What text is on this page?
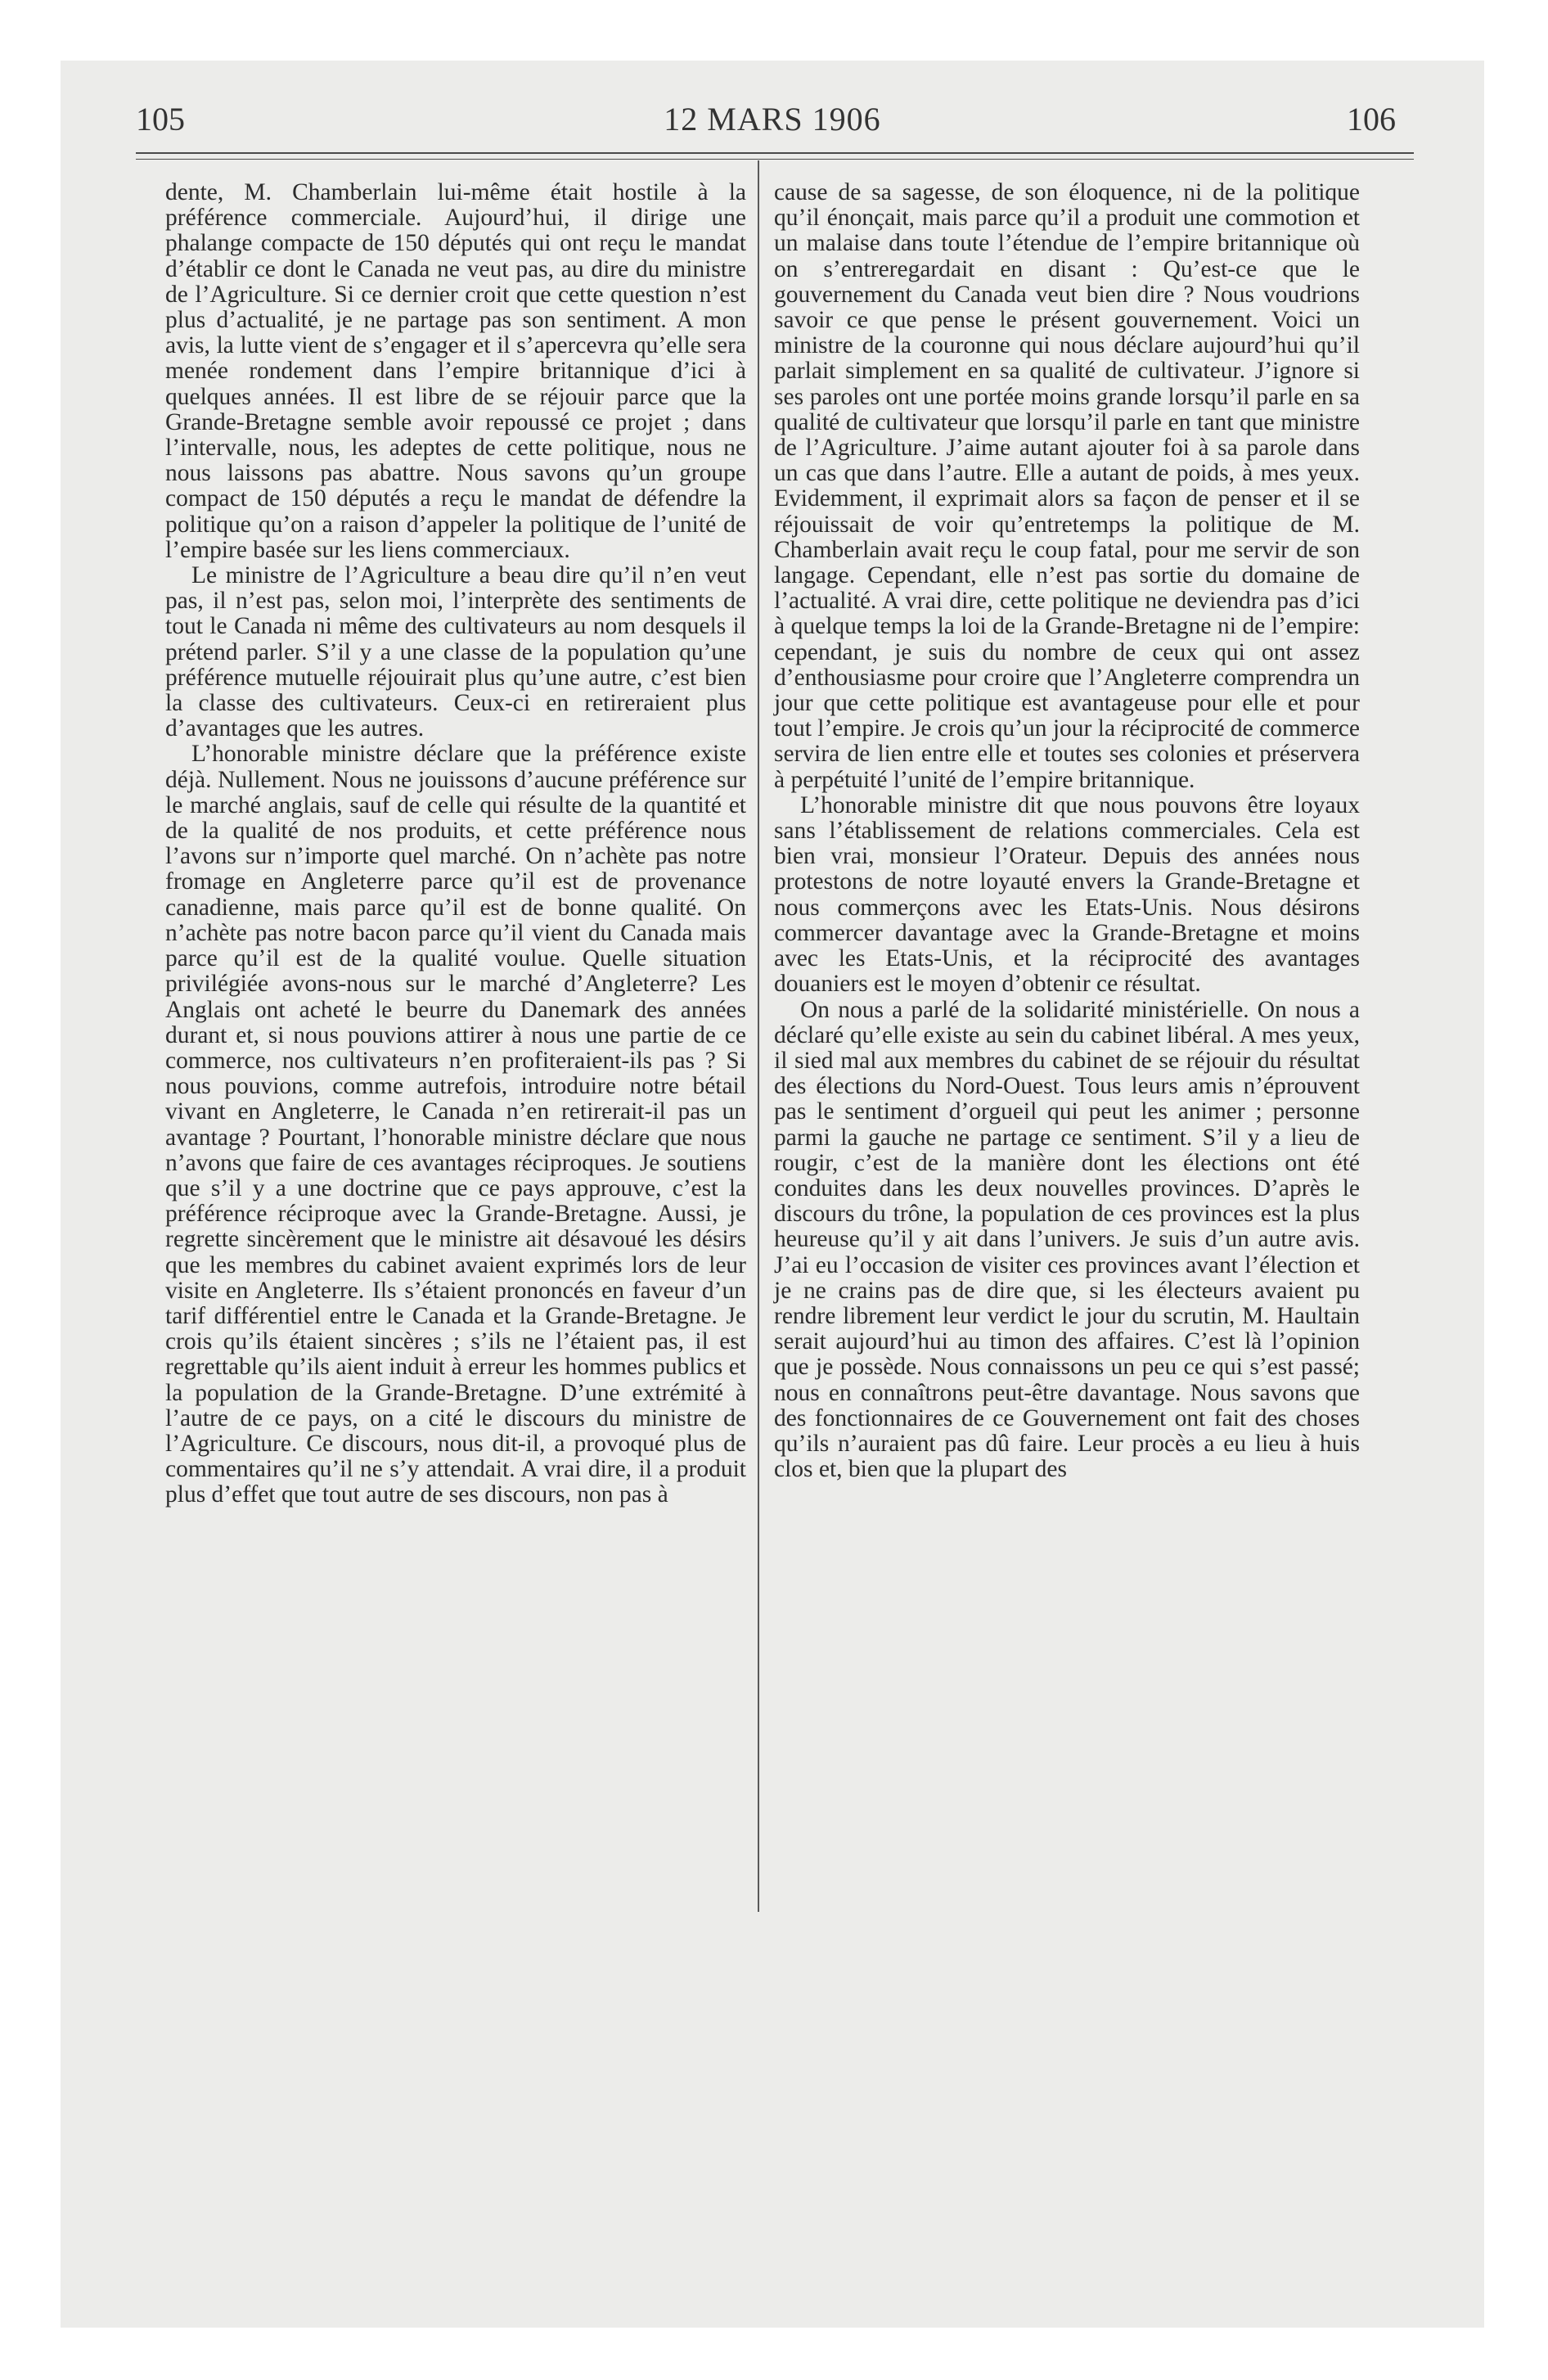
105	12 MARS 1906	106

dente, M. Chamberlain lui-même était hostile à la préférence commerciale. Aujourd’hui, il dirige une phalange compacte de 150 députés qui ont reçu le mandat d’établir ce dont le Canada ne veut pas, au dire du ministre de l’Agriculture. Si ce dernier croit que cette question n’est plus d’actualité, je ne partage pas son sentiment. A mon avis, la lutte vient de s’engager et il s’apercevra qu’elle sera menée rondement dans l’empire britannique d’ici à quelques années. Il est libre de se réjouir parce que la Grande-Bretagne semble avoir repoussé ce projet ; dans l’intervalle, nous, les adeptes de cette politique, nous ne nous laissons pas abattre. Nous savons qu’un groupe compact de 150 députés a reçu le mandat de défendre la politique qu’on a raison d’appeler la politique de l’unité de l’empire basée sur les liens commerciaux.

Le ministre de l’Agriculture a beau dire qu’il n’en veut pas, il n’est pas, selon moi, l’interprète des sentiments de tout le Canada ni même des cultivateurs au nom desquels il prétend parler. S’il y a une classe de la population qu’une préférence mutuelle réjouirait plus qu’une autre, c’est bien la classe des cultivateurs. Ceux-ci en retireraient plus d’avantages que les autres.

L’honorable ministre déclare que la préférence existe déjà. Nullement. Nous ne jouissons d’aucune préférence sur le marché anglais, sauf de celle qui résulte de la quantité et de la qualité de nos produits, et cette préférence nous l’avons sur n’importe quel marché. On n’achète pas notre fromage en Angleterre parce qu’il est de provenance canadienne, mais parce qu’il est de bonne qualité. On n’achète pas notre bacon parce qu’il vient du Canada mais parce qu’il est de la qualité voulue. Quelle situation privilégiée avons-nous sur le marché d’Angleterre? Les Anglais ont acheté le beurre du Danemark des années durant et, si nous pouvions attirer à nous une partie de ce commerce, nos cultivateurs n’en profiteraient-ils pas ? Si nous pouvions, comme autrefois, introduire notre bétail vivant en Angleterre, le Canada n’en retirerait-il pas un avantage ? Pourtant, l’honorable ministre déclare que nous n’avons que faire de ces avantages réciproques. Je soutiens que s’il y a une doctrine que ce pays approuve, c’est la préférence réciproque avec la Grande-Bretagne. Aussi, je regrette sincèrement que le ministre ait désavoué les désirs que les membres du cabinet avaient exprimés lors de leur visite en Angleterre. Ils s’étaient prononcés en faveur d’un tarif différentiel entre le Canada et la Grande-Bretagne. Je crois qu’ils étaient sincères ; s’ils ne l’étaient pas, il est regrettable qu’ils aient induit à erreur les hommes publics et la population de la Grande-Bretagne. D’une extrémité à l’autre de ce pays, on a cité le discours du ministre de l’Agriculture. Ce discours, nous dit-il, a provoqué plus de commentaires qu’il ne s’y attendait. A vrai dire, il a produit plus d’effet que tout autre de ses discours, non pas à

cause de sa sagesse, de son éloquence, ni de la politique qu’il énonçait, mais parce qu’il a produit une commotion et un malaise dans toute l’étendue de l’empire britannique où on s’entreregardait en disant : Qu’est-ce que le gouvernement du Canada veut bien dire ? Nous voudrions savoir ce que pense le présent gouvernement. Voici un ministre de la couronne qui nous déclare aujourd’hui qu’il parlait simplement en sa qualité de cultivateur. J’ignore si ses paroles ont une portée moins grande lorsqu’il parle en sa qualité de cultivateur que lorsqu’il parle en tant que ministre de l’Agriculture. J’aime autant ajouter foi à sa parole dans un cas que dans l’autre. Elle a autant de poids, à mes yeux. Evidemment, il exprimait alors sa façon de penser et il se réjouissait de voir qu’entretemps la politique de M. Chamberlain avait reçu le coup fatal, pour me servir de son langage. Cependant, elle n’est pas sortie du domaine de l’actualité. A vrai dire, cette politique ne deviendra pas d’ici à quelque temps la loi de la Grande-Bretagne ni de l’empire: cependant, je suis du nombre de ceux qui ont assez d’enthousiasme pour croire que l’Angleterre comprendra un jour que cette politique est avantageuse pour elle et pour tout l’empire. Je crois qu’un jour la réciprocité de commerce servira de lien entre elle et toutes ses colonies et préservera à perpétuité l’unité de l’empire britannique.

L’honorable ministre dit que nous pouvons être loyaux sans l’établissement de relations commerciales. Cela est bien vrai, monsieur l’Orateur. Depuis des années nous protestons de notre loyauté envers la Grande-Bretagne et nous commerçons avec les Etats-Unis. Nous désirons commercer davantage avec la Grande-Bretagne et moins avec les Etats-Unis, et la réciprocité des avantages douaniers est le moyen d’obtenir ce résultat.

On nous a parlé de la solidarité ministérielle. On nous a déclaré qu’elle existe au sein du cabinet libéral. A mes yeux, il sied mal aux membres du cabinet de se réjouir du résultat des élections du Nord-Ouest. Tous leurs amis n’éprouvent pas le sentiment d’orgueil qui peut les animer ; personne parmi la gauche ne partage ce sentiment. S’il y a lieu de rougir, c’est de la manière dont les élections ont été conduites dans les deux nouvelles provinces. D’après le discours du trône, la population de ces provinces est la plus heureuse qu’il y ait dans l’univers. Je suis d’un autre avis. J’ai eu l’occasion de visiter ces provinces avant l’élection et je ne crains pas de dire que, si les électeurs avaient pu rendre librement leur verdict le jour du scrutin, M. Haultain serait aujourd’hui au timon des affaires. C’est là l’opinion que je possède. Nous connaissons un peu ce qui s’est passé; nous en connaîtrons peut-être davantage. Nous savons que des fonctionnaires de ce Gouvernement ont fait des choses qu’ils n’auraient pas dû faire. Leur procès a eu lieu à huis clos et, bien que la plupart des
